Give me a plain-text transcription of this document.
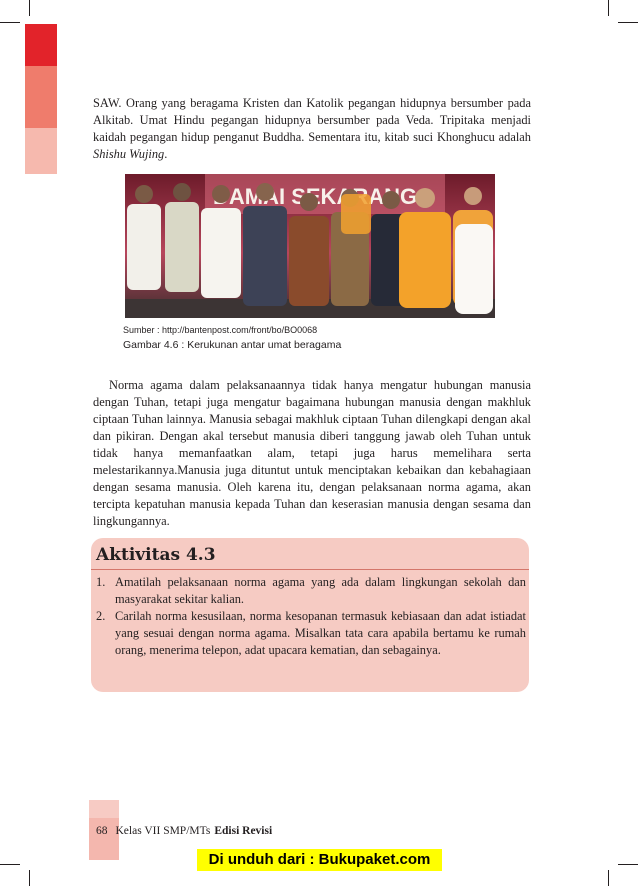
SAW. Orang yang beragama Kristen dan Katolik pegangan hidupnya bersumber pada Alkitab. Umat Hindu pegangan hidupnya bersumber pada Veda. Tripitaka menjadi kaidah pegangan hidup penganut Buddha. Sementara itu, kitab suci Khonghucu adalah Shishu Wujing.

DAMAI
Sumber : http://bantenpost.com/front/bo/BO0068
Gambar 4.6 : Kerukunan antar umat beragama

Norma agama dalam pelaksanaannya tidak hanya mengatur hubungan manusia dengan Tuhan, tetapi juga mengatur bagaimana hubungan manusia dengan makhluk ciptaan Tuhan lainnya. Manusia sebagai makhluk ciptaan Tuhan dilengkapi dengan akal dan pikiran. Dengan akal tersebut manusia diberi tanggung jawab oleh Tuhan untuk tidak hanya memanfaatkan alam, tetapi juga harus memelihara serta melestarikannya.Manusia juga dituntut untuk menciptakan kebaikan dan kebahagiaan dengan sesama manusia. Oleh karena itu, dengan pelaksanaan norma agama, akan tercipta kepatuhan manusia kepada Tuhan dan keserasian manusia dengan sesama dan lingkungannya.

Aktivitas 4.3
1. Amatilah pelaksanaan norma agama yang ada dalam lingkungan sekolah dan masyarakat sekitar kalian.
2. Carilah norma kesusilaan, norma kesopanan termasuk kebiasaan dan adat istiadat yang sesuai dengan norma agama. Misalkan tata cara apabila bertamu ke rumah orang, menerima telepon, adat upacara kematian, dan sebagainya.
68 Kelas VII SMP/MTs Edisi Revisi
Di unduh dari : Bukupaket.com
